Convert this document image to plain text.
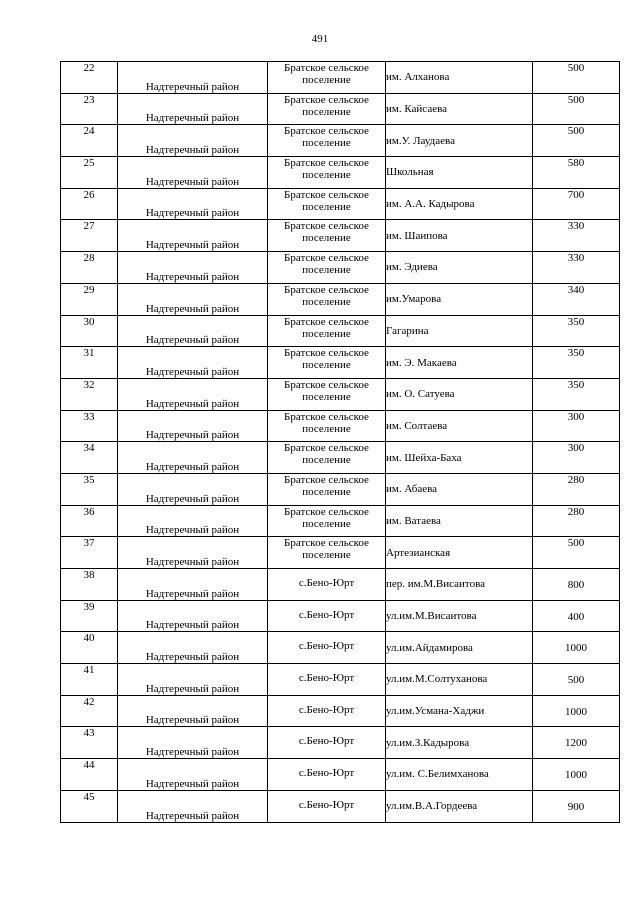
491
22	Надтеречный район	Братское сельское поселение	им. Алханова	500
23	Надтеречный район	Братское сельское поселение	им. Кайсаева	500
24	Надтеречный район	Братское сельское поселение	им.У. Лаудаева	500
25	Надтеречный район	Братское сельское поселение	Школьная	580
26	Надтеречный район	Братское сельское поселение	им. А.А. Кадырова	700
27	Надтеречный район	Братское сельское поселение	им. Шаипова	330
28	Надтеречный район	Братское сельское поселение	им. Эдиева	330
29	Надтеречный район	Братское сельское поселение	им.Умарова	340
30	Надтеречный район	Братское сельское поселение	Гагарина	350
31	Надтеречный район	Братское сельское поселение	им. Э. Макаева	350
32	Надтеречный район	Братское сельское поселение	им. О. Сатуева	350
33	Надтеречный район	Братское сельское поселение	им. Солтаева	300
34	Надтеречный район	Братское сельское поселение	им. Шейха-Баха	300
35	Надтеречный район	Братское сельское поселение	им. Абаева	280
36	Надтеречный район	Братское сельское поселение	им. Ватаева	280
37	Надтеречный район	Братское сельское поселение	Артезианская	500
38	Надтеречный район	с.Бено-Юрт	пер. им.М.Висаитова	800
39	Надтеречный район	с.Бено-Юрт	ул.им.М.Висаитова	400
40	Надтеречный район	с.Бено-Юрт	ул.им.Айдамирова	1000
41	Надтеречный район	с.Бено-Юрт	ул.им.М.Солтуханова	500
42	Надтеречный район	с.Бено-Юрт	ул.им.Усмана-Хаджи	1000
43	Надтеречный район	с.Бено-Юрт	ул.им.З.Кадырова	1200
44	Надтеречный район	с.Бено-Юрт	ул.им. С.Белимханова	1000
45	Надтеречный район	с.Бено-Юрт	ул.им.В.А.Гордеева	900
